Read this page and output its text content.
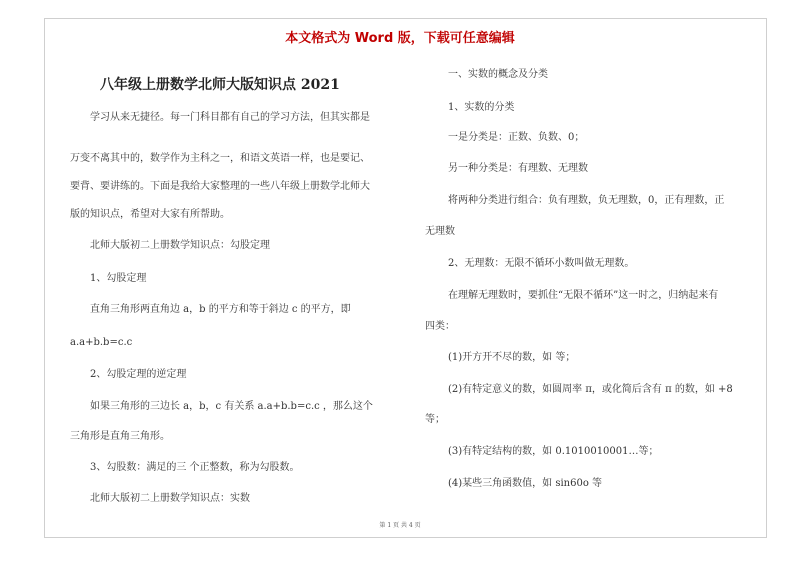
本文格式为 Word 版，下载可任意编辑
八年级上册数学北师大版知识点 2021

学习从来无捷径。每一门科目都有自己的学习方法，但其实都是

万变不离其中的，数学作为主科之一，和语文英语一样，也是要记、

要背、要讲练的。下面是我给大家整理的一些八年级上册数学北师大

版的知识点，希望对大家有所帮助。

北师大版初二上册数学知识点：勾股定理

1、勾股定理

直角三角形两直角边 a，b 的平方和等于斜边 c 的平方，即

a.a+b.b=c.c

2、勾股定理的逆定理

如果三角形的三边长 a，b，c 有关系 a.a+b.b=c.c ，那么这个

三角形是直角三角形。

3、勾股数：满足的三 个正整数，称为勾股数。

北师大版初二上册数学知识点：实数

一、实数的概念及分类

1、实数的分类

一是分类是：正数、负数、0；

另一种分类是：有理数、无理数

将两种分类进行组合：负有理数，负无理数，0，正有理数，正

无理数

2、无理数：无限不循环小数叫做无理数。

在理解无理数时，要抓住“无限不循环”这一时之，归纳起来有

四类：

(1)开方开不尽的数，如 等；

(2)有特定意义的数，如圆周率 π，或化简后含有 π 的数，如 +8

等；

(3)有特定结构的数，如 0.1010010001…等；

(4)某些三角函数值，如 sin60o 等

第 1 页 共 4 页
